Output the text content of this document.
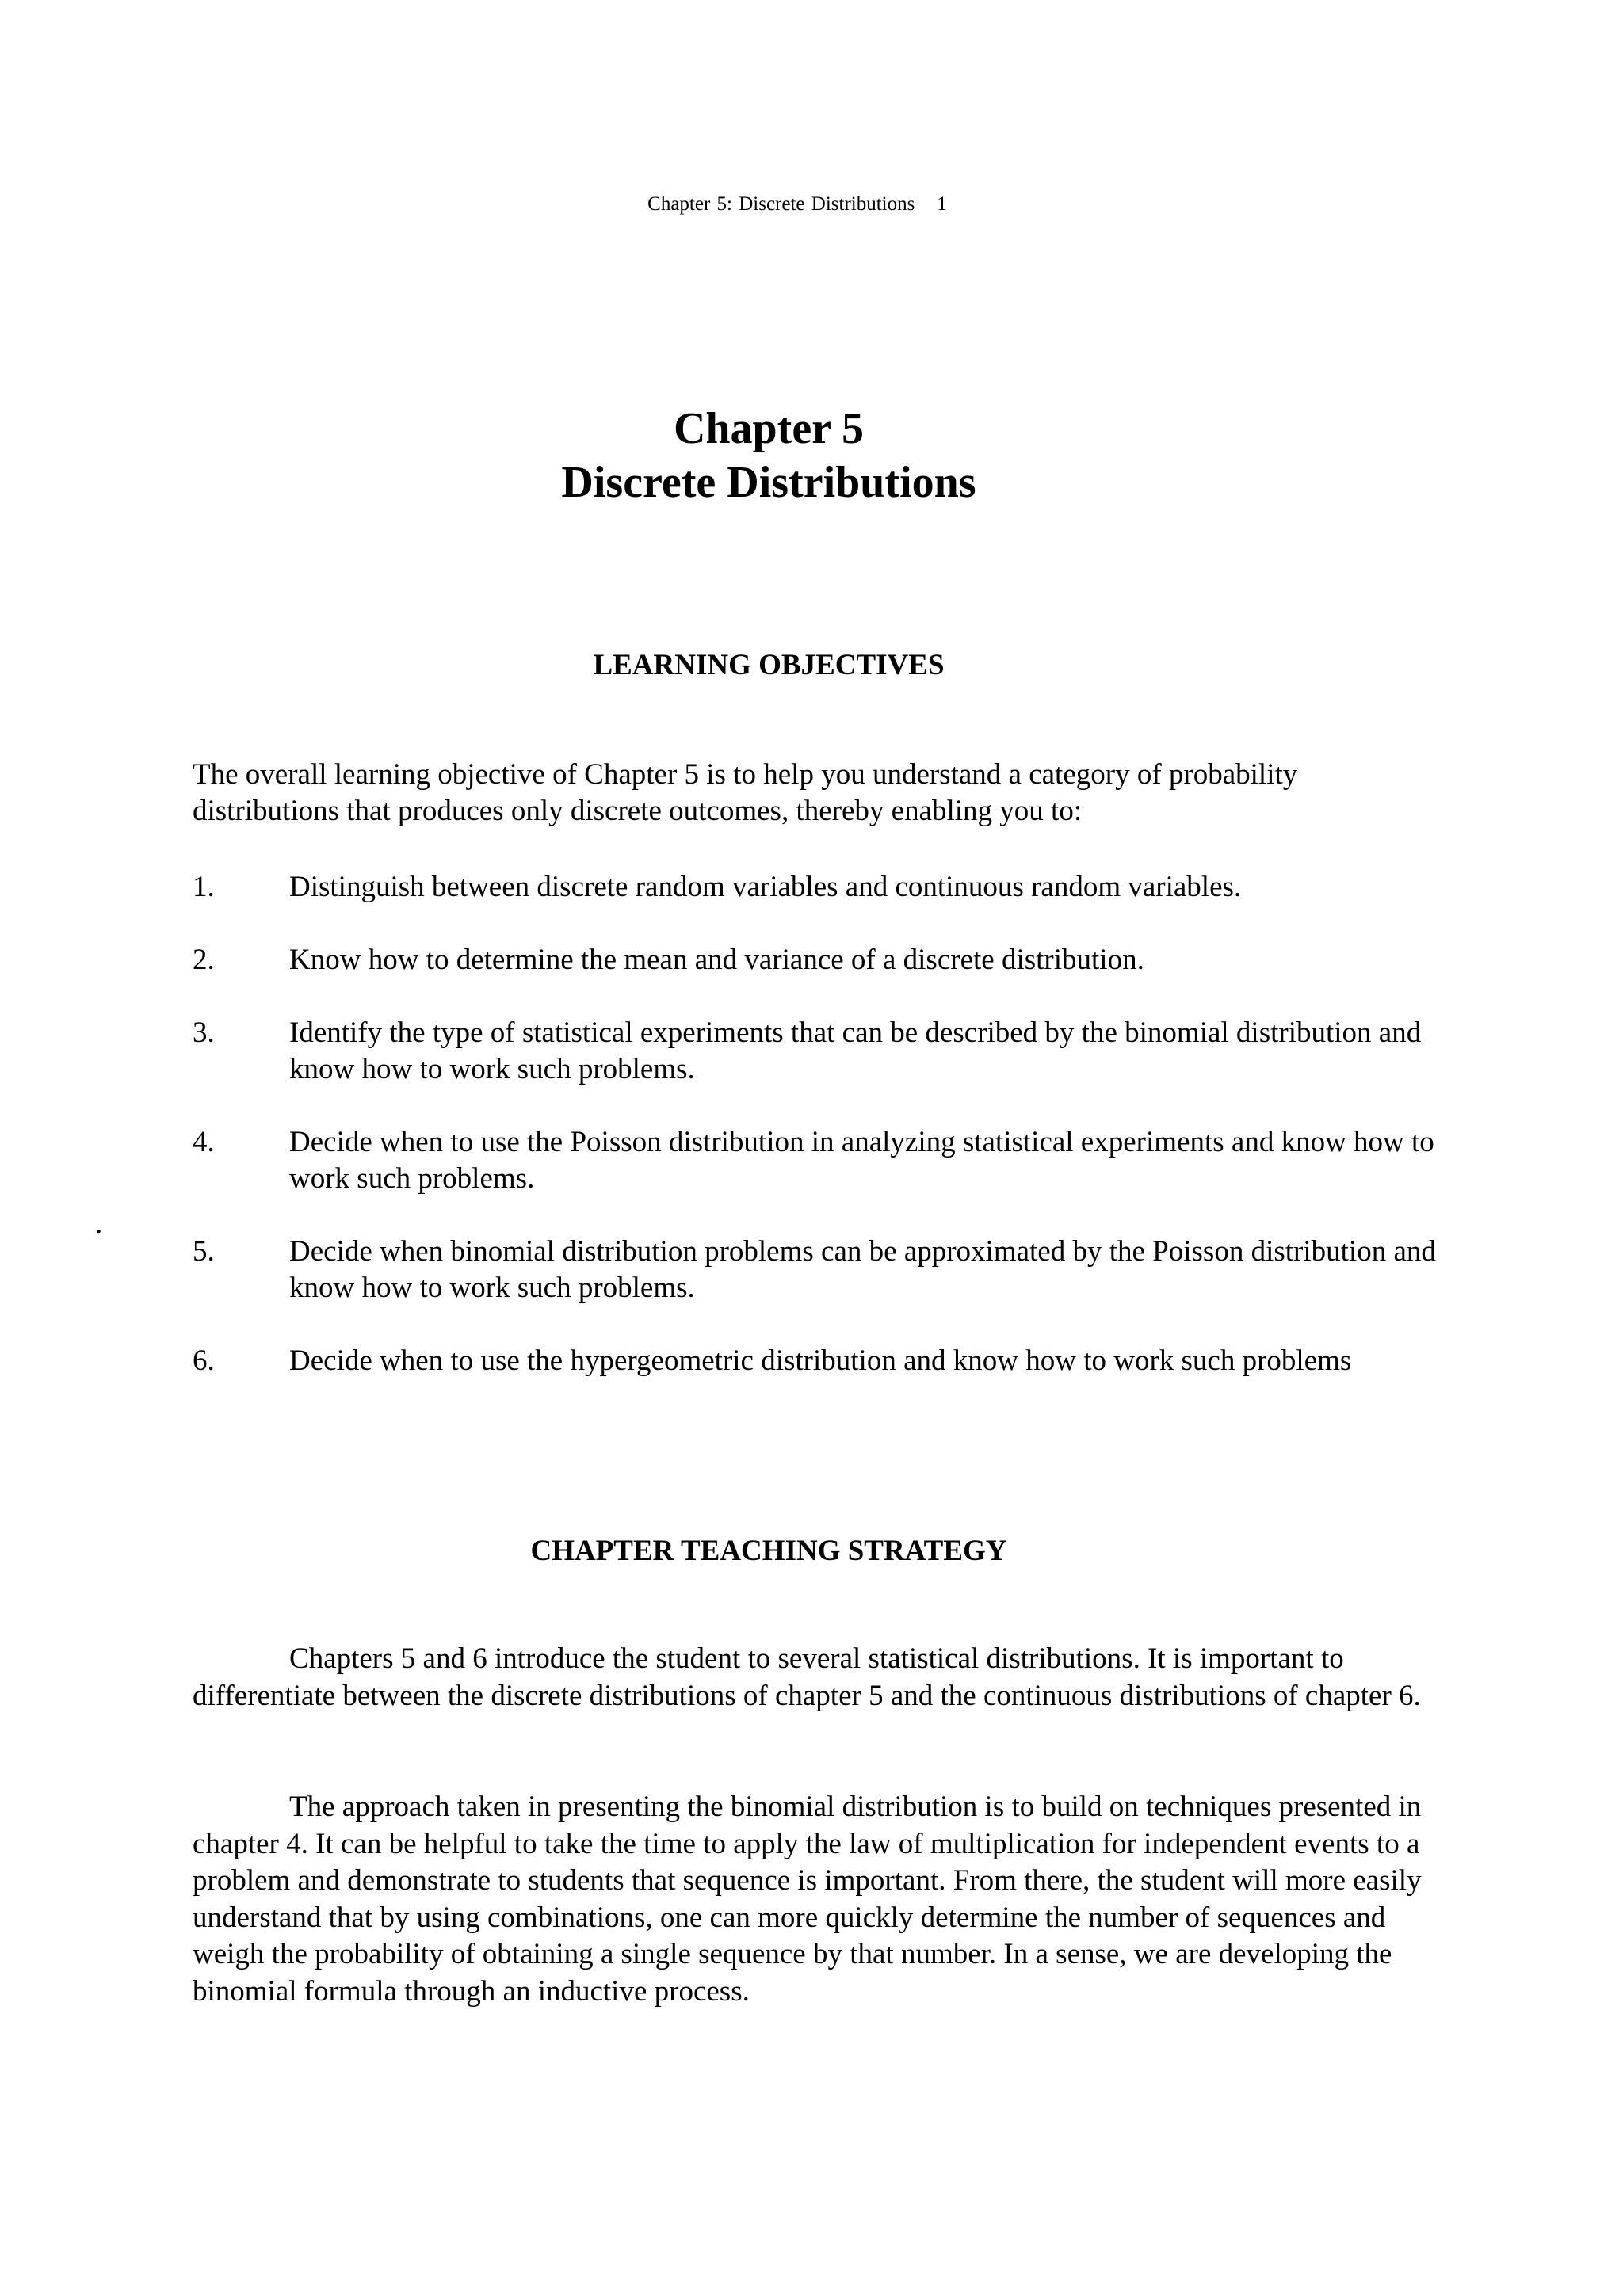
Chapter 5: Discrete Distributions 1
Chapter 5
Discrete Distributions
LEARNING OBJECTIVES

The overall learning objective of Chapter 5 is to help you understand a category of probability distributions that produces only discrete outcomes, thereby enabling you to:

1.	Distinguish between discrete random variables and continuous random variables.
2.	Know how to determine the mean and variance of a discrete distribution.
3.	Identify the type of statistical experiments that can be described by the binomial distribution and know how to work such problems.
4.	Decide when to use the Poisson distribution in analyzing statistical experiments and know how to work such problems.
5.	Decide when binomial distribution problems can be approximated by the Poisson distribution and know how to work such problems.
6.	Decide when to use the hypergeometric distribution and know how to work such problems
.
CHAPTER TEACHING STRATEGY

Chapters 5 and 6 introduce the student to several statistical distributions. It is important to differentiate between the discrete distributions of chapter 5 and the continuous distributions of chapter 6.

The approach taken in presenting the binomial distribution is to build on techniques presented in chapter 4. It can be helpful to take the time to apply the law of multiplication for independent events to a problem and demonstrate to students that sequence is important. From there, the student will more easily understand that by using combinations, one can more quickly determine the number of sequences and weigh the probability of obtaining a single sequence by that number. In a sense, we are developing the binomial formula through an inductive process.
